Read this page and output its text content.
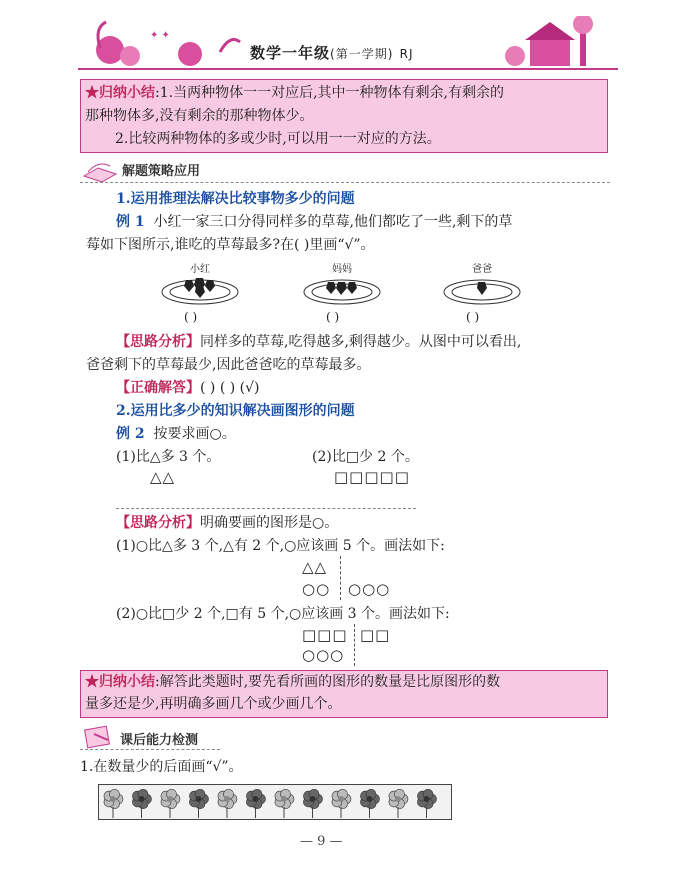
✦ ✦
数学一年级(第一学期) RJ
★归纳小结:1.当两种物体一一对应后,其中一种物体有剩余,有剩余的
那种物体多,没有剩余的那种物体少。
2.比较两种物体的多或少时,可以用一一对应的方法。
解题策略应用
1.运用推理法解决比较事物多少的问题
例 1 小红一家三口分得同样多的草莓,他们都吃了一些,剩下的草
莓如下图所示,谁吃的草莓最多?在( )里画“√”。
小红	妈妈	爸爸
( )	( )	( )
【思路分析】同样多的草莓,吃得越多,剩得越少。从图中可以看出,
爸爸剩下的草莓最少,因此爸爸吃的草莓最多。
【正确解答】( ) ( ) (√)
2.运用比多少的知识解决画图形的问题
例 2 按要求画○。
(1)比△多 3 个。	(2)比□少 2 个。
△△	□□□□□
【思路分析】明确要画的图形是○。
(1)○比△多 3 个,△有 2 个,○应该画 5 个。画法如下:
△△
○○ ○○○
(2)○比□少 2 个,□有 5 个,○应该画 3 个。画法如下:
□□□ □□
○○○
★归纳小结:解答此类题时,要先看所画的图形的数量是比原图形的数
量多还是少,再明确多画几个或少画几个。
课后能力检测
1.在数量少的后面画“√”。
— 9 —
